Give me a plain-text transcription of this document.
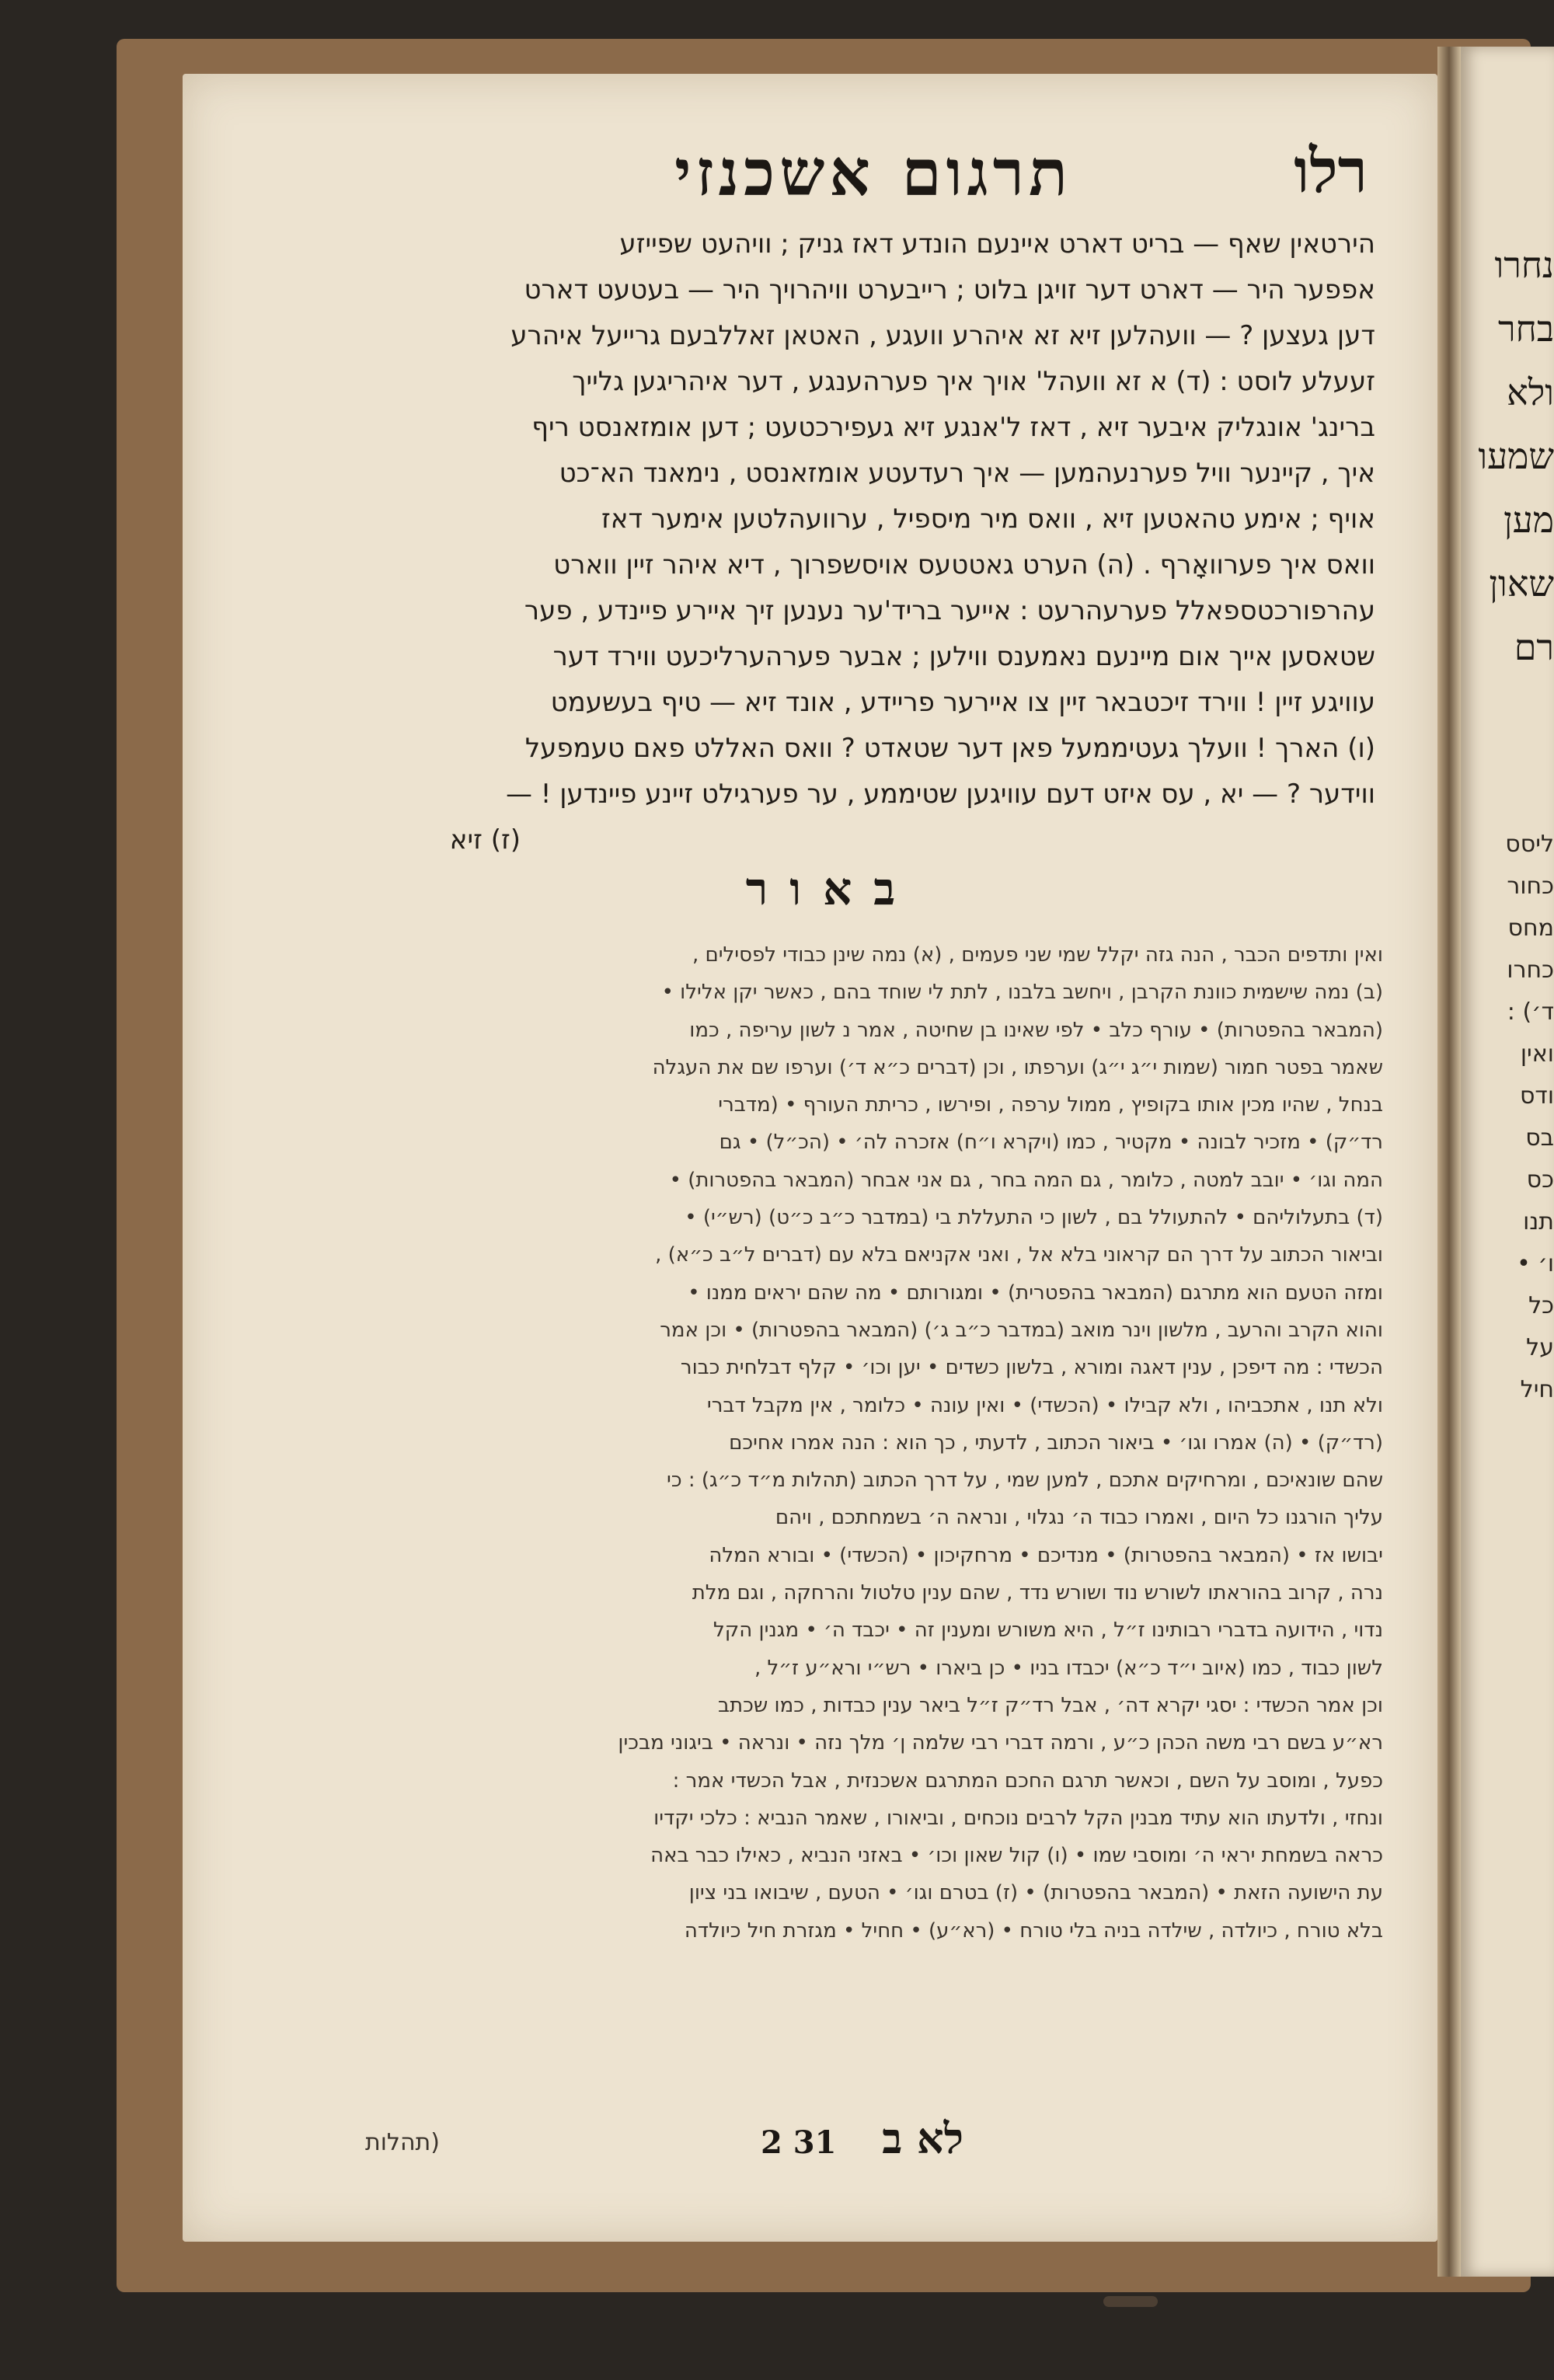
רלו
תרגום אשכנזי

הירטאין שאף — בריט דארט איינעם הונדע דאז גניק ; וויהעט שפייזע

אפפער היר — דארט דער זויגן בלוט ; רייבערט וויהרויך היר — בעטעט דארט

דען געצען ? — וועהלען זיא זא איהרע וועגע , האטאן זאללבעם גרייעל איהרע

זעעלע לוסט : (ד) א זא וועהל' אויך איך פערהענגע , דער איהריגען גלייך

ברינג' אונגליק איבער זיא , דאז ל'אנגע זיא געפירכטעט ; דען אומזאנסט ריף

איך , קיינער וויל פערנעהמען — איך רעדעטע אומזאנסט , נימאנד הא־כט

אויף ; אימע טהאטען זיא , וואס מיר מיספיל , ערוועהלטען אימער דאז

וואס איך פערוואָרף . (ה) הערט גאטטעס אויסשפרוך , דיא איהר זיין ווארט

עהרפורכטספאלל פערעהרעט : אייער בריד'ער נענען זיך איירע פיינדע , פער

שטאסען אייך אום מיינעם נאמענס ווילען ; אבער פערהערליכעט ווירד דער

עוויגע זיין ! ווירד זיכטבאר זיין צו איירער פריידע , אונד זיא — טיף בעשעמט

(ו) הארך ! וועלך געטיממעל פאן דער שטאדט ? וואס האללט פאם טעמפעל

ווידער ? — יא , עס איזט דעם עוויגען שטיממע , ער פערגילט זיינע פיינדען ! —

(ז) זיא

באור

ואין ותדפים הכבר , הנה גזה יקלל שמי שני פעמים , (א) נמה שינן כבודי לפסילים ,

(ב) נמה שישמית כוונת הקרבן , ויחשב בלבנו , לתת לי שוחד בהם , כאשר יקן אלילו •

(המבאר בהפטרות) • עורף כלב • לפי שאינו בן שחיטה , אמר נ לשון עריפה , כמו

שאמר בפטר חמור (שמות י״ג י״ג) וערפתו , וכן (דברים כ״א ד׳) וערפו שם את העגלה

בנחל , שהיו מכין אותו בקופיץ , ממול ערפה , ופירשו , כריתת העורף • (מדברי

רד״ק) • מזכיר לבונה • מקטיר , כמו (ויקרא ו״ח) אזכרה לה׳ • (הכ״ל) • גם

המה וגו׳ • יובב למטה , כלומר , גם המה בחר , גם אני אבחר (המבאר בהפטרות) •

(ד) בתעלוליהם • להתעולל בם , לשון כי התעללת בי (במדבר כ״ב כ״ט) (רש״י) •

וביאור הכתוב על דרך הם קראוני בלא אל , ואני אקניאם בלא עם (דברים ל״ב כ״א) ,

ומזה הטעם הוא מתרגם (המבאר בהפטרית) • ומגורותם • מה שהם יראים ממנו •

והוא הקרב והרעב , מלשון וינר מואב (במדבר כ״ב ג׳) (המבאר בהפטרות) • וכן אמר

הכשדי : מה דיפכן , ענין דאגה ומורא , בלשון כשדים • יען וכו׳ • קלף דבלחית כבור

ולא תנו , אתכביהו , ולא קבילו • (הכשדי) • ואין עונה • כלומר , אין מקבל דברי

(רד״ק) • (ה) אמרו וגו׳ • ביאור הכתוב , לדעתי , כך הוא : הנה אמרו אחיכם

שהם שונאיכם , ומרחיקים אתכם , למען שמי , על דרך הכתוב (תהלות מ״ד כ״ג) : כי

עליך הורגנו כל היום , ואמרו כבוד ה׳ נגלוי , ונראה ה׳ בשמחתכם , ויהם

יבושו אז • (המבאר בהפטרות) • מנדיכם • מרחקיכון • (הכשדי) • ובורא המלה

נרה , קרוב בהוראתו לשורש נוד ושורש נדד , שהם ענין טלטול והרחקה , וגם מלת

נדוי , הידועה בדברי רבותינו ז״ל , היא משורש ומענין זה • יכבד ה׳ • מגנין הקל

לשון כבוד , כמו (איוב י״ד כ״א) יכבדו בניו • כן ביארו • רש״י ורא״ע ז״ל ,

וכן אמר הכשדי : יסגי יקרא דה׳ , אבל רד״ק ז״ל ביאר ענין כבדות , כמו שכתב

רא״ע בשם רבי משה הכהן כ״ע , ורמה דברי רבי שלמה ן׳ מלך נזה • ונראה • ביגוני מבכין

כפעל , ומוסב על השם , וכאשר תרגם החכם המתרגם אשכנזית , אבל הכשדי אמר :

ונחזי , ולדעתו הוא עתיד מבנין הקל לרבים נוכחים , וביאורו , שאמר הנביא : כלכי יקדיו

כראה בשמחת יראי ה׳ ומוסבי שמו • (ו) קול שאון וכו׳ • באזני הנביא , כאילו כבר באה

עת הישועה הזאת • (המבאר בהפטרות) • (ז) בטרם וגו׳ • הטעם , שיבואו בני ציון

בלא טורח , כיולדה , שילדה בניה בלי טורח • (רא״ע) • חחיל • מגזרת חיל כיולדה

לא ב 31 2
(תהלות
נחרו
בחר
ולא
שמעו
מען
שאון
רם
ליסס
כחור
מחס
כחרו
ד׳) :
ואין
ודס
בס
כס
תנו
ו׳ •
כל
על
חיל
